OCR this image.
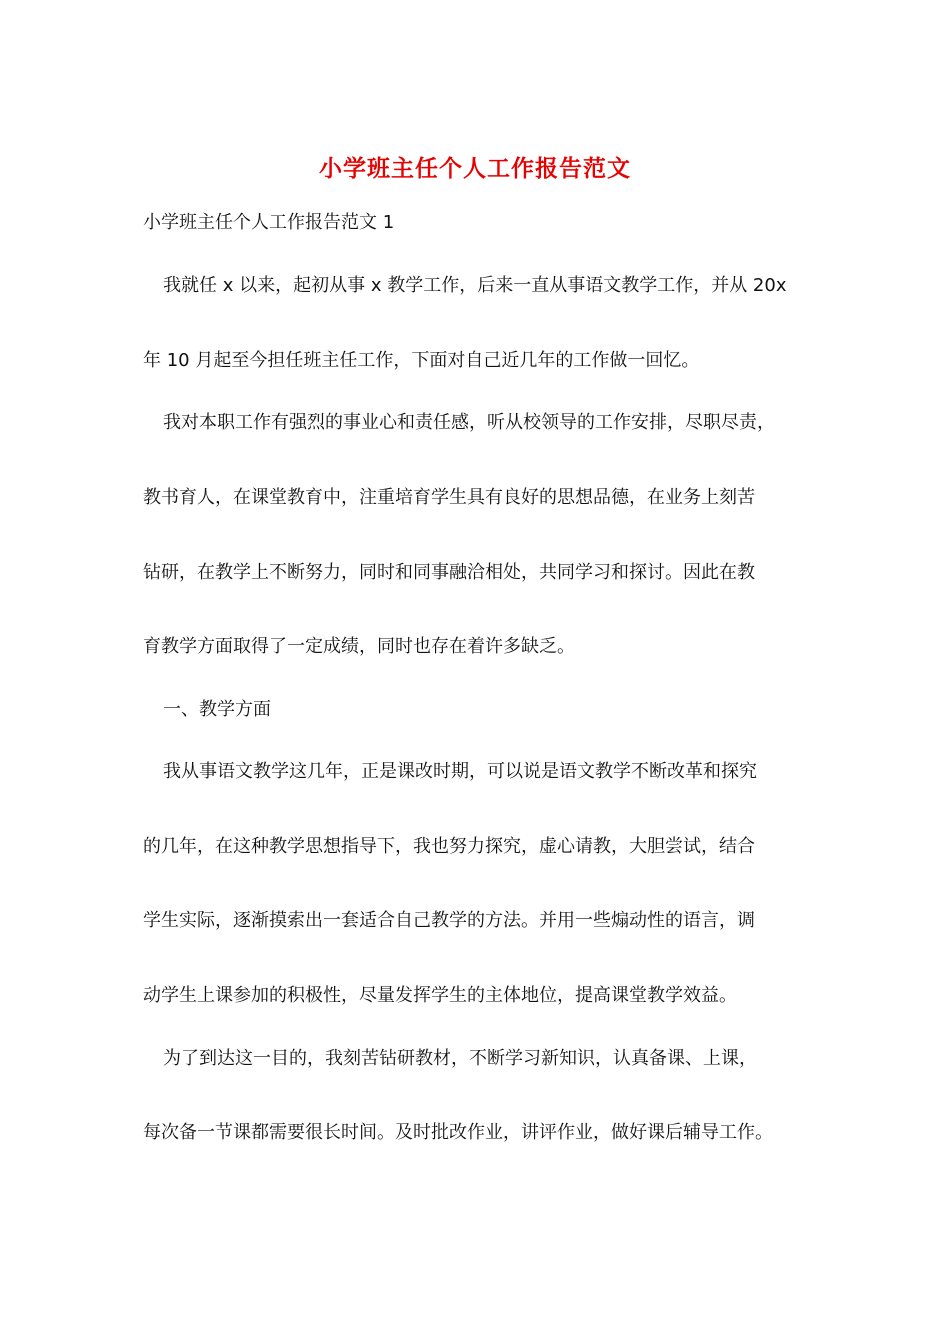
小学班主任个人工作报告范文

小学班主任个人工作报告范文 1

我就任 x 以来，起初从事 x 教学工作，后来一直从事语文教学工作，并从 20x

年 10 月起至今担任班主任工作，下面对自己近几年的工作做一回忆。

我对本职工作有强烈的事业心和责任感，听从校领导的工作安排，尽职尽责，

教书育人，在课堂教育中，注重培育学生具有良好的思想品德，在业务上刻苦

钻研，在教学上不断努力，同时和同事融洽相处，共同学习和探讨。因此在教

育教学方面取得了一定成绩，同时也存在着许多缺乏。

一、教学方面

我从事语文教学这几年，正是课改时期，可以说是语文教学不断改革和探究

的几年，在这种教学思想指导下，我也努力探究，虚心请教，大胆尝试，结合

学生实际，逐渐摸索出一套适合自己教学的方法。并用一些煽动性的语言，调

动学生上课参加的积极性，尽量发挥学生的主体地位，提高课堂教学效益。

为了到达这一目的，我刻苦钻研教材，不断学习新知识，认真备课、上课，

每次备一节课都需要很长时间。及时批改作业，讲评作业，做好课后辅导工作。
